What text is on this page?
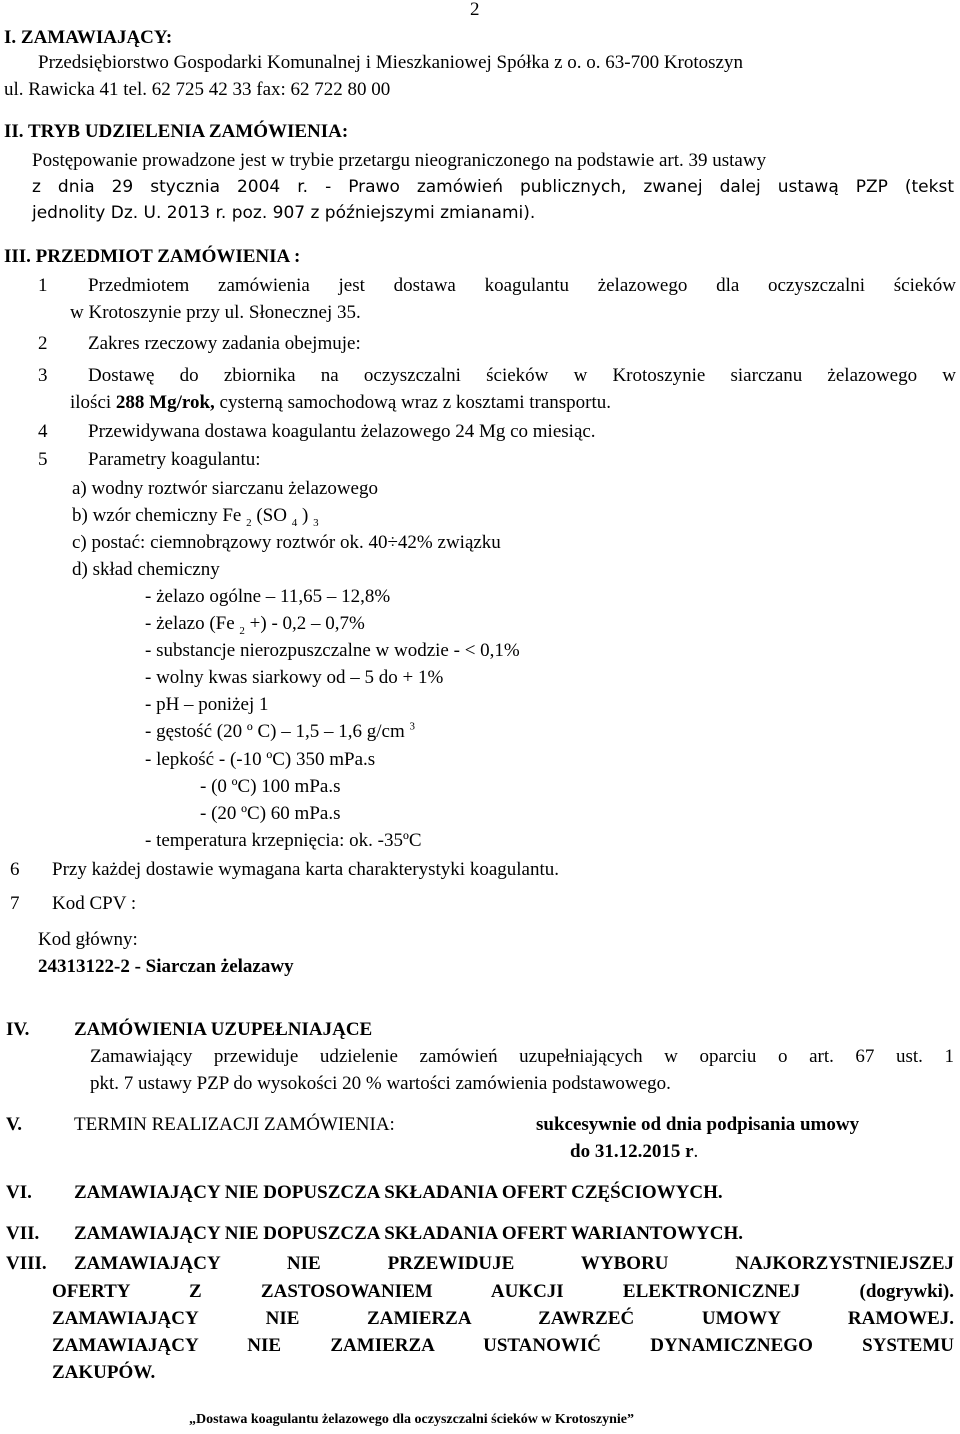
2
I. ZAMAWIAJĄCY:
Przedsiębiorstwo Gospodarki Komunalnej i Mieszkaniowej Spółka z o. o. 63-700 Krotoszyn
ul. Rawicka 41 tel. 62 725 42 33 fax: 62 722 80 00
II. TRYB UDZIELENIA ZAMÓWIENIA:
Postępowanie prowadzone jest w trybie przetargu nieograniczonego na podstawie art. 39 ustawy
z dnia 29 stycznia 2004 r. - Prawo zamówień publicznych, zwanej dalej ustawą PZP (tekst
jednolity Dz. U. 2013 r. poz. 907 z późniejszymi zmianami).
III. PRZEDMIOT ZAMÓWIENIA :
1 Przedmiotem zamówienia jest dostawa koagulantu żelazowego dla oczyszczalni ścieków
w Krotoszynie przy ul. Słonecznej 35.
2 Zakres rzeczowy zadania obejmuje:
3 Dostawę do zbiornika na oczyszczalni ścieków w Krotoszynie siarczanu żelazowego w
ilości 288 Mg/rok, cysterną samochodową wraz z kosztami transportu.
4 Przewidywana dostawa koagulantu żelazowego 24 Mg co miesiąc.
5 Parametry koagulantu:
a) wodny roztwór siarczanu żelazowego
b) wzór chemiczny Fe $_2$ (SO $_4$ ) $_3$
c) postać: ciemnobrązowy roztwór ok. 40÷42% związku
d) skład chemiczny
- żelazo ogólne – 11,65 – 12,8%
- żelazo (Fe $_2$ +) - 0,2 – 0,7%
- substancje nierozpuszczalne w wodzie - < 0,1%
- wolny kwas siarkowy od – 5 do + 1%
- pH – poniżej 1
- gęstość (20 º C) – 1,5 – 1,6 g/cm $^3$
- lepkość - (-10 ºC) 350 mPa.s
- (0 ºC) 100 mPa.s
- (20 ºC) 60 mPa.s
- temperatura krzepnięcia: ok. -35ºC
6 Przy każdej dostawie wymagana karta charakterystyki koagulantu.
7 Kod CPV :
Kod główny:
24313122-2 - Siarczan żelazawy
IV. ZAMÓWIENIA UZUPEŁNIAJĄCE
Zamawiający przewiduje udzielenie zamówień uzupełniających w oparciu o art. 67 ust. 1
pkt. 7 ustawy PZP do wysokości 20 % wartości zamówienia podstawowego.
V.	TERMIN REALIZACJI ZAMÓWIENIA:	sukcesywnie od dnia podpisania umowy
do 31.12.2015 r.
VI. ZAMAWIAJĄCY NIE DOPUSZCZA SKŁADANIA OFERT CZĘŚCIOWYCH.
VII. ZAMAWIAJĄCY NIE DOPUSZCZA SKŁADANIA OFERT WARIANTOWYCH.
VIII. ZAMAWIAJĄCY NIE PRZEWIDUJE WYBORU NAJKORZYSTNIEJSZEJ
OFERTY Z ZASTOSOWANIEM AUKCJI ELEKTRONICZNEJ (dogrywki).
ZAMAWIAJĄCY NIE ZAMIERZA ZAWRZEĆ UMOWY RAMOWEJ.
ZAMAWIAJĄCY NIE ZAMIERZA USTANOWIĆ DYNAMICZNEGO SYSTEMU
ZAKUPÓW.
„Dostawa koagulantu żelazowego dla oczyszczalni ścieków w Krotoszynie”
